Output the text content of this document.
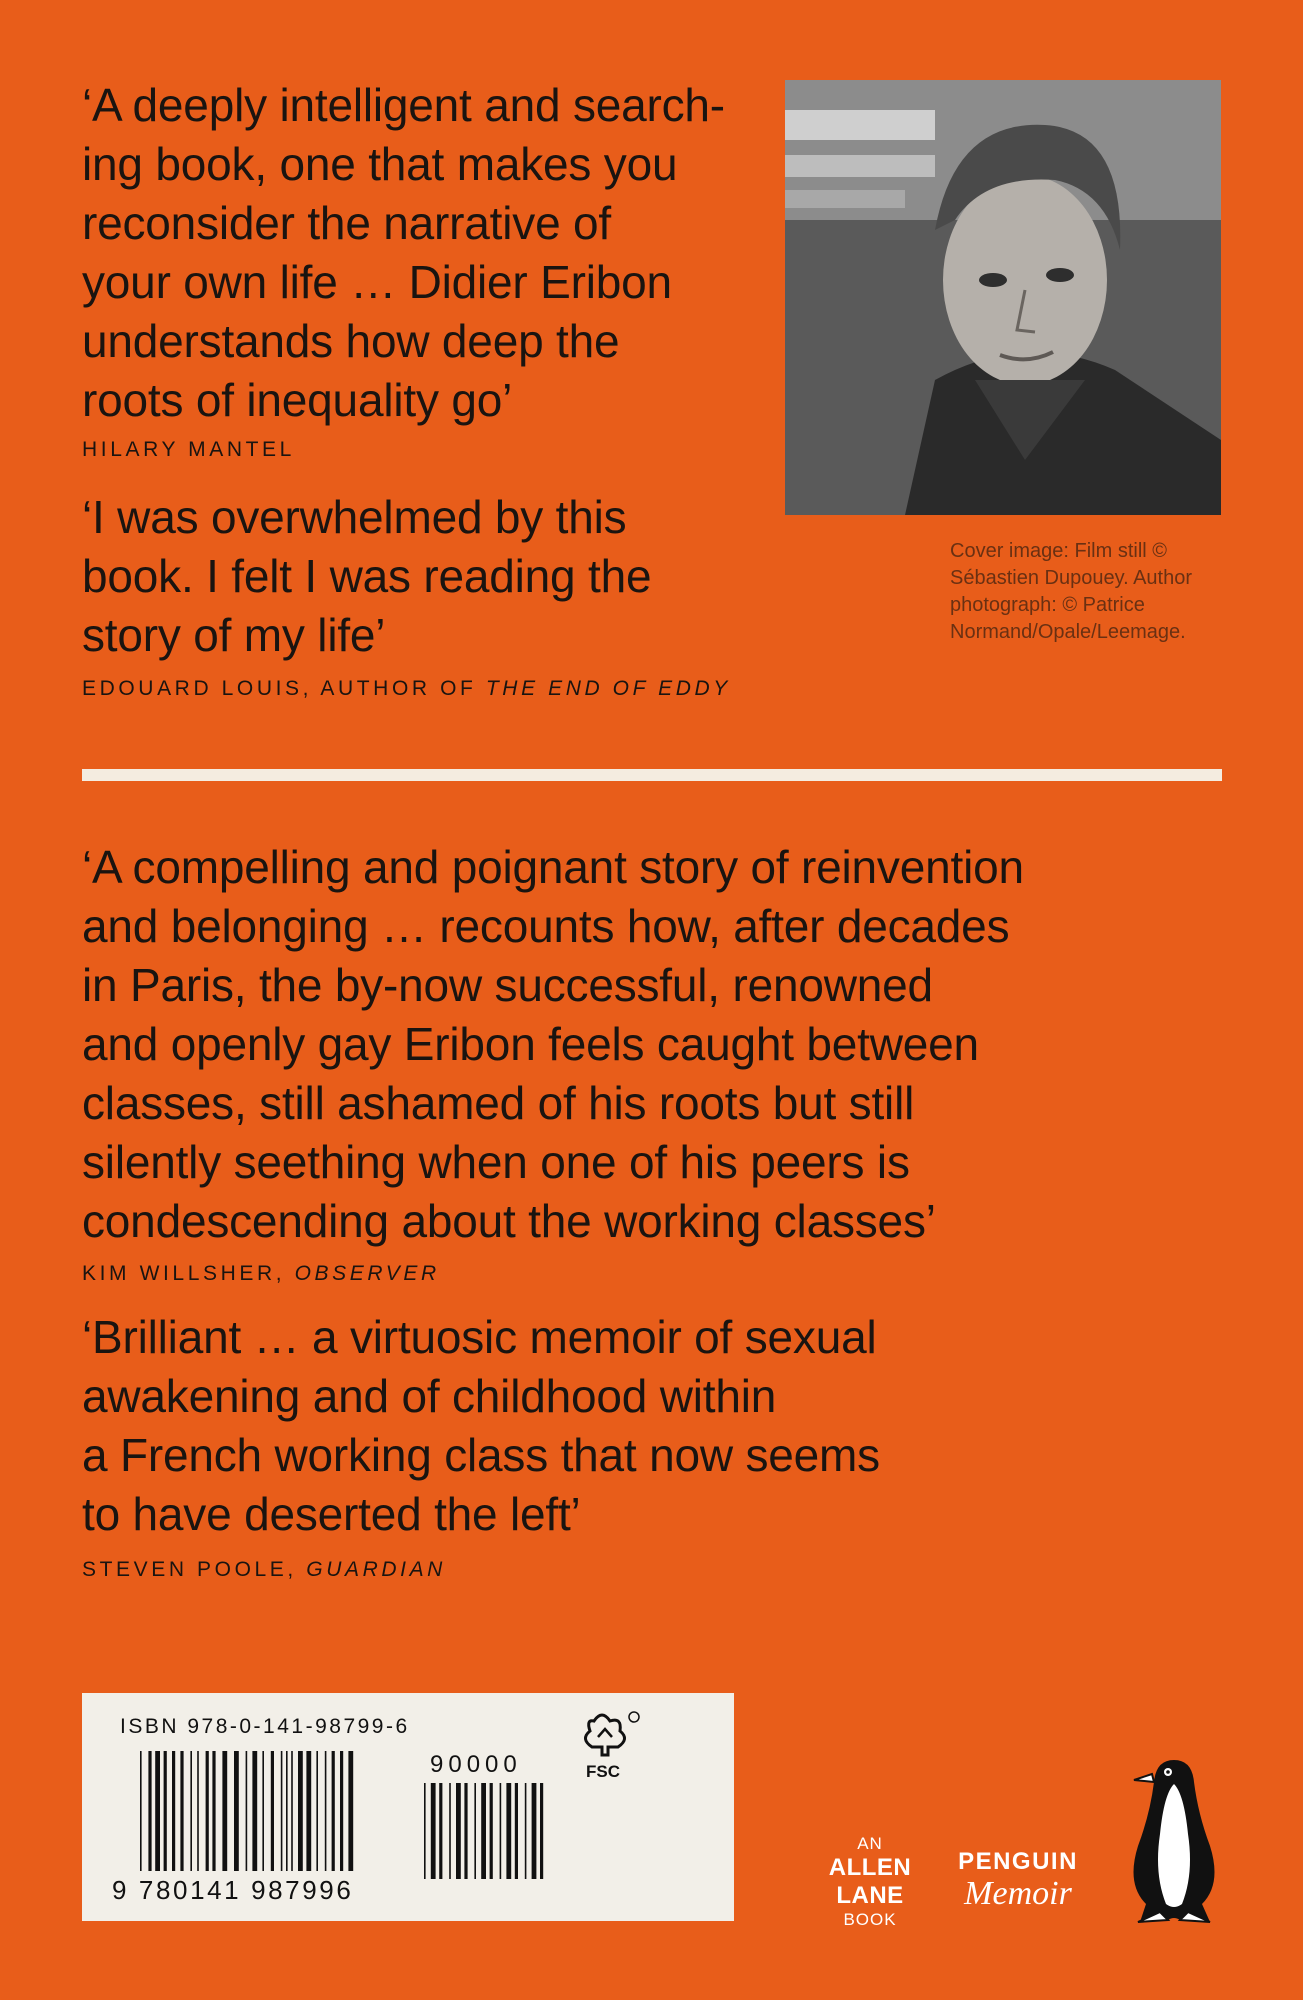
‘A deeply intelligent and search-
ing book, one that makes you
reconsider the narrative of
your own life … Didier Eribon
understands how deep the
roots of inequality go’

HILARY MANTEL

‘I was overwhelmed by this
book. I felt I was reading the
story of my life’

EDOUARD LOUIS, AUTHOR OF THE END OF EDDY

Cover image: Film still ©
Sébastien Dupouey. Author
photograph: © Patrice
Normand/Opale/Leemage.

‘A compelling and poignant story of reinvention
and belonging … recounts how, after decades
in Paris, the by-now successful, renowned
and openly gay Eribon feels caught between
classes, still ashamed of his roots but still
silently seething when one of his peers is
condescending about the working classes’

KIM WILLSHER, OBSERVER

‘Brilliant … a virtuosic memoir of sexual
awakening and of childhood within
a French working class that now seems
to have deserted the left’

STEVEN POOLE, GUARDIAN

ISBN 978-0-141-98799-6
9 780141 987996
90000	FSC
AN
ALLEN
LANE
BOOK
PENGUIN
Memoir
